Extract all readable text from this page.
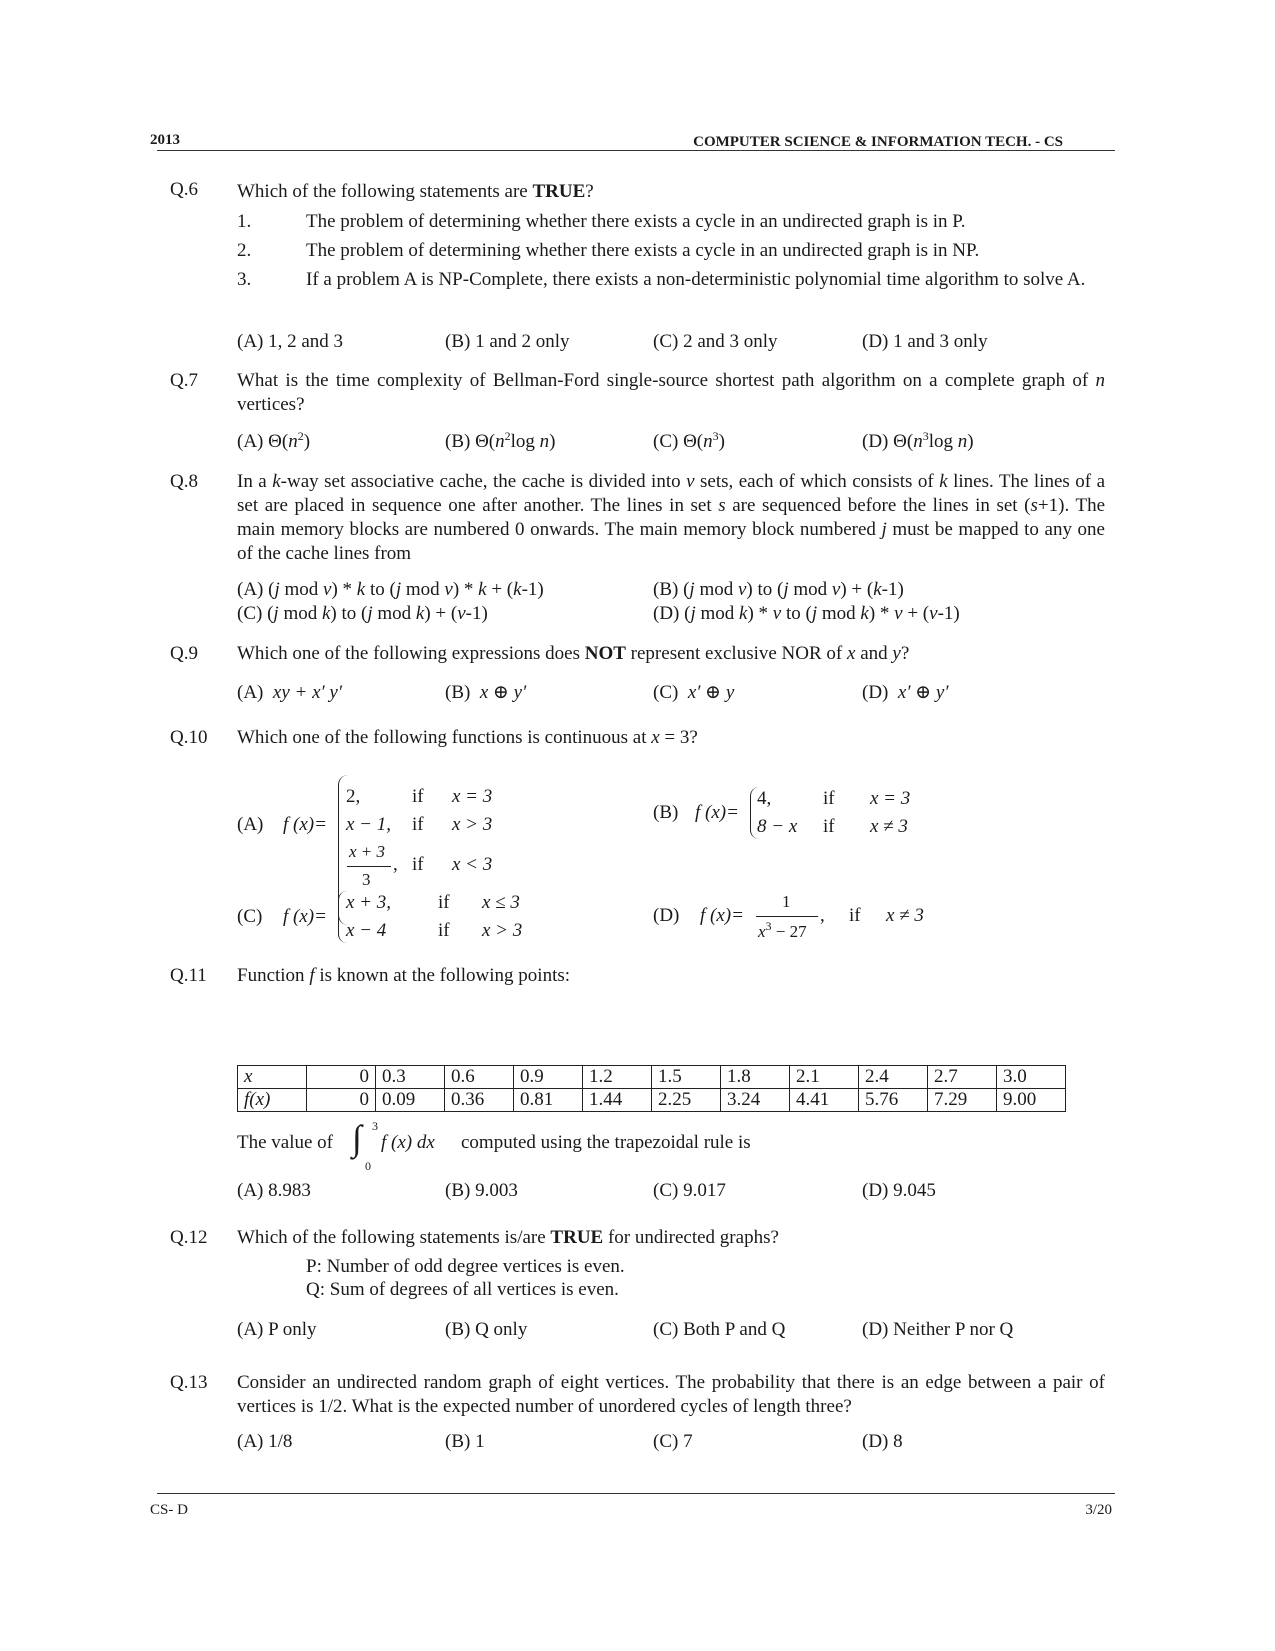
2013	COMPUTER SCIENCE & INFORMATION TECH. - CS
Q.6 Which of the following statements are TRUE?
1.	The problem of determining whether there exists a cycle in an undirected graph is in P.
2.	The problem of determining whether there exists a cycle in an undirected graph is in NP.
3.	If a problem A is NP-Complete, there exists a non-deterministic polynomial time algorithm to solve A.
(A) 1, 2 and 3	(B) 1 and 2 only	(C) 2 and 3 only	(D) 1 and 3 only
Q.7 What is the time complexity of Bellman-Ford single-source shortest path algorithm on a complete graph of n vertices?
(A) $\Theta(n^2)$	(B) $\Theta(n^2\log$ n)	(C) $\Theta(n^3)$	(D) $\Theta(n^3\log$ n)
Q.8 In a k-way set associative cache, the cache is divided into v sets, each of which consists of k lines. The lines of a set are placed in sequence one after another. The lines in set s are sequenced before the lines in set (s+1). The main memory blocks are numbered 0 onwards. The main memory block numbered j must be mapped to any one of the cache lines from
(A) (j mod v) * k to (j mod v) * k + (k-1)	(B) (j mod v) to (j mod v) + (k-1)
(C) (j mod k) to (j mod k) + (v-1)	(D) (j mod k) * v to (j mod k) * v + (v-1)
Q.9 Which one of the following expressions does NOT represent exclusive NOR of x and y?
(A) xy + x′ y′	(B) x ⊕ y′	(C) x′ ⊕ y	(D) x′ ⊕ y′
Q.10 Which one of the following functions is continuous at x = 3?
(A) f (x)=
2,	if x = 3
x − 1, if x > 3
x + 3
3
, if x < 3
(B) f (x)=
4,	if x = 3
8 − x if x ≠ 3
(C) f (x)=
x + 3, if x ≤ 3
x − 4	if x > 3
(D) f (x)=
1
$x^3 - 27$
, if x ≠ 3
Q.11 Function f is known at the following points:
x	0	0.3	0.6	0.9	1.2	1.5	1.8	2.1	2.4	2.7	3.0
f(x)	0	0.09	0.36	0.81	1.44	2.25	3.24	4.41	5.76	7.29	9.00
The value of ∫ 3
0
f (x) dx computed using the trapezoidal rule is
(A) 8.983	(B) 9.003	(C) 9.017	(D) 9.045
Q.12 Which of the following statements is/are TRUE for undirected graphs?
P: Number of odd degree vertices is even.
Q: Sum of degrees of all vertices is even.
(A) P only	(B) Q only	(C) Both P and Q	(D) Neither P nor Q
Q.13 Consider an undirected random graph of eight vertices. The probability that there is an edge between a pair of vertices is 1/2. What is the expected number of unordered cycles of length three?
(A) 1/8	(B) 1	(C) 7	(D) 8
CS- D	3/20
